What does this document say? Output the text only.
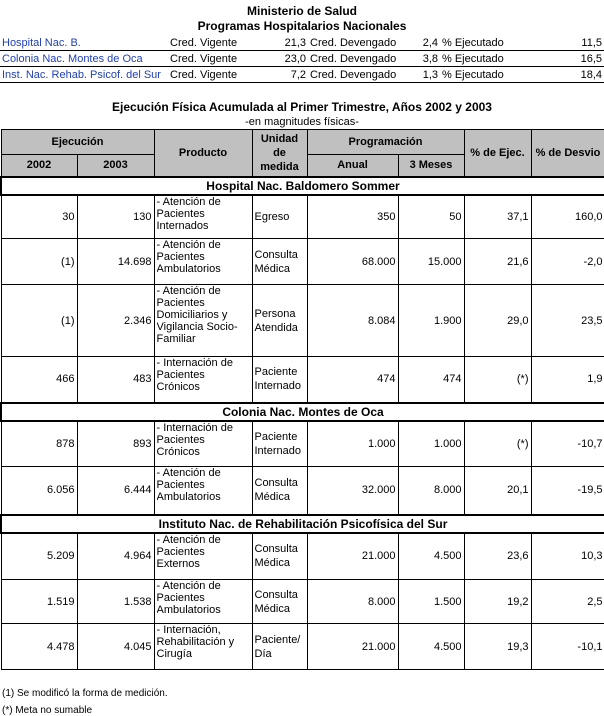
Ministerio de Salud
Programas Hospitalarios Nacionales
Hospital Nac. B.	Cred. Vigente	21,3	Cred. Devengado	2,4	% Ejecutado	11,5
Colonia Nac. Montes de Oca	Cred. Vigente	23,0	Cred. Devengado	3,8	% Ejecutado	16,5
Inst. Nac. Rehab. Psicof. del Sur	Cred. Vigente	7,2	Cred. Devengado	1,3	% Ejecutado	18,4
Ejecución Física Acumulada al Primer Trimestre, Años 2002 y 2003
-en magnitudes físicas-
Ejecución		Producto	Unidad de medida	Programación		% de Ejec.	% de Desvio
2002	2003			Anual	3 Meses		
Hospital Nac. Baldomero Sommer							
30	130	- Atención de Pacientes Internados	Egreso	350	50	37,1	160,0
(1)	14.698	- Atención de Pacientes Ambulatorios	Consulta Médica	68.000	15.000	21,6	-2,0
(1)	2.346	- Atención de Pacientes Domiciliarios y Vigilancia Socio-Familiar	Persona Atendida	8.084	1.900	29,0	23,5
466	483	- Internación de Pacientes Crónicos	Paciente Internado	474	474	(*)	1,9
Colonia Nac. Montes de Oca							
878	893	- Internación de Pacientes Crónicos	Paciente Internado	1.000	1.000	(*)	-10,7
6.056	6.444	- Atención de Pacientes Ambulatorios	Consulta Médica	32.000	8.000	20,1	-19,5
Instituto Nac. de Rehabilitación Psicofísica del Sur							
5.209	4.964	- Atención de Pacientes Externos	Consulta Médica	21.000	4.500	23,6	10,3
1.519	1.538	- Atención de Pacientes Ambulatorios	Consulta Médica	8.000	1.500	19,2	2,5
4.478	4.045	- Internación, Rehabilitación y Cirugía	Paciente/ Día	21.000	4.500	19,3	-10,1
(1) Se modificó la forma de medición.
(*) Meta no sumable
